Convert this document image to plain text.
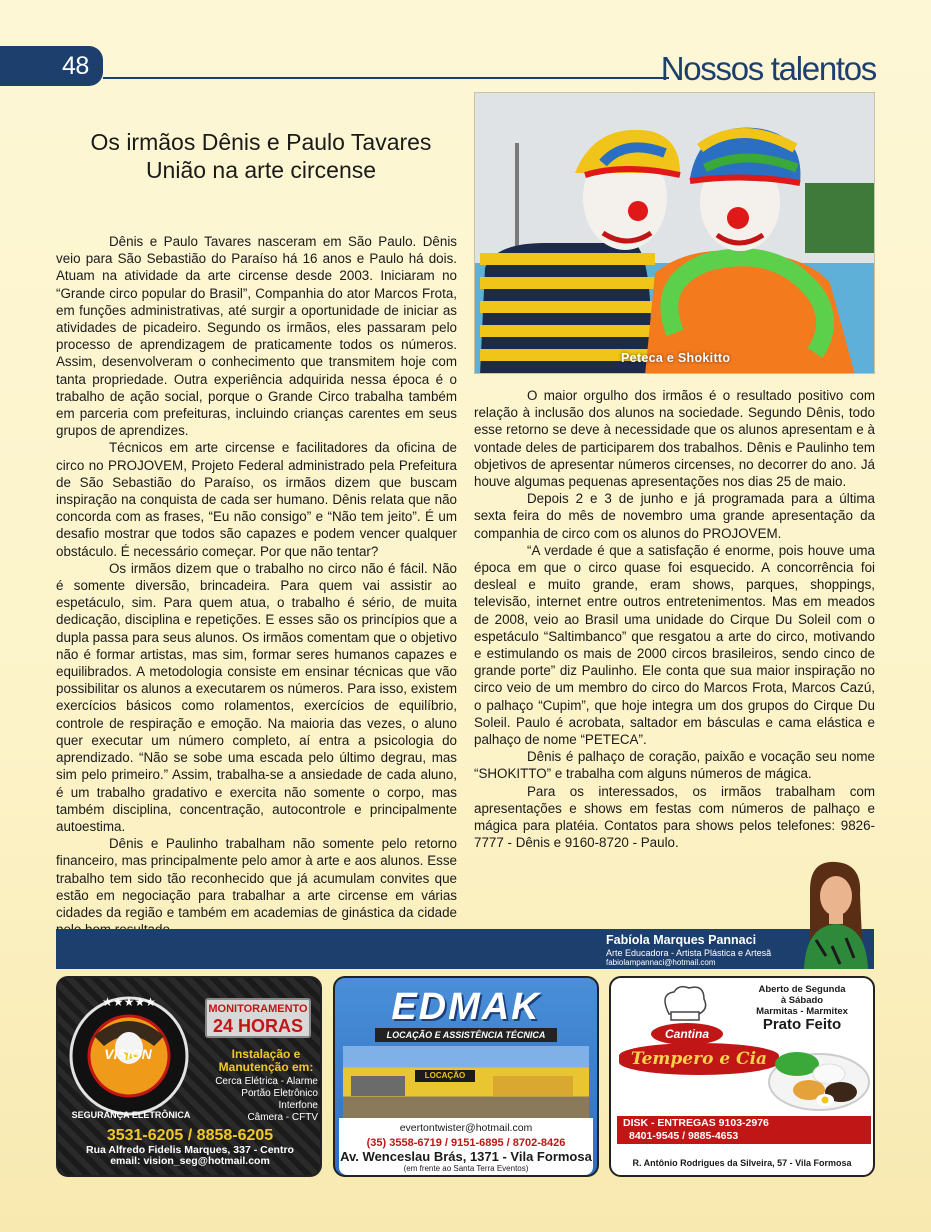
48	Nossos talentos
Os irmãos Dênis e Paulo Tavares
União na arte circense

Dênis e Paulo Tavares nasceram em São Paulo. Dênis veio para São Sebastião do Paraíso há 16 anos e Paulo há dois. Atuam na atividade da arte circense desde 2003. Iniciaram no “Grande circo popular do Brasil”, Companhia do ator Marcos Frota, em funções administrativas, até surgir a oportunidade de iniciar as atividades de picadeiro. Segundo os irmãos, eles passaram pelo processo de aprendizagem de praticamente todos os números. Assim, desenvolveram o conhecimento que transmitem hoje com tanta propriedade. Outra experiência adquirida nessa época é o trabalho de ação social, porque o Grande Circo trabalha também em parceria com prefeituras, incluindo crianças carentes em seus grupos de aprendizes.

Técnicos em arte circense e facilitadores da oficina de circo no PROJOVEM, Projeto Federal administrado pela Prefeitura de São Sebastião do Paraíso, os irmãos dizem que buscam inspiração na conquista de cada ser humano. Dênis relata que não concorda com as frases, “Eu não consigo” e “Não tem jeito”. É um desafio mostrar que todos são capazes e podem vencer qualquer obstáculo. É necessário começar. Por que não tentar?

Os irmãos dizem que o trabalho no circo não é fácil. Não é somente diversão, brincadeira. Para quem vai assistir ao espetáculo, sim. Para quem atua, o trabalho é sério, de muita dedicação, disciplina e repetições. E esses são os princípios que a dupla passa para seus alunos. Os irmãos comentam que o objetivo não é formar artistas, mas sim, formar seres humanos capazes e equilibrados. A metodologia consiste em ensinar técnicas que vão possibilitar os alunos a executarem os números. Para isso, existem exercícios básicos como rolamentos, exercícios de equilíbrio, controle de respiração e emoção. Na maioria das vezes, o aluno quer executar um número completo, aí entra a psicologia do aprendizado. “Não se sobe uma escada pelo último degrau, mas sim pelo primeiro.” Assim, trabalha-se a ansiedade de cada aluno, é um trabalho gradativo e exercita não somente o corpo, mas também disciplina, concentração, autocontrole e principalmente autoestima.

Dênis e Paulinho trabalham não somente pelo retorno financeiro, mas principalmente pelo amor à arte e aos alunos. Esse trabalho tem sido tão reconhecido que já acumulam convites que estão em negociação para trabalhar a arte circense em várias cidades da região e também em academias de ginástica da cidade

Peteca e Shokitto

O maior orgulho dos irmãos é o resultado positivo com relação à inclusão dos alunos na sociedade. Segundo Dênis, todo esse retorno se deve à necessidade que os alunos apresentam e à vontade deles de participarem dos trabalhos. Dênis e Paulinho tem objetivos de apresentar números circenses, no decorrer do ano. Já houve algumas pequenas apresentações nos dias 25 de maio.

Depois 2 e 3 de junho e já programada para a última sexta feira do mês de novembro uma grande apresentação da companhia de circo com os alunos do PROJOVEM.

“A verdade é que a satisfação é enorme, pois houve uma época em que o circo quase foi esquecido. A concorrência foi desleal e muito grande, eram shows, parques, shoppings, televisão, internet entre outros entretenimentos. Mas em meados de 2008, veio ao Brasil uma unidade do Cirque Du Soleil com o espetáculo “Saltimbanco” que resgatou a arte do circo, motivando e estimulando os mais de 2000 circos brasileiros, sendo cinco de grande porte” diz Paulinho. Ele conta que sua maior inspiração no circo veio de um membro do circo do Marcos Frota, Marcos Cazú, o palhaço “Cupim”, que hoje integra um dos grupos do Cirque Du Soleil. Paulo é acrobata, saltador em básculas e cama elástica e palhaço de nome “PETECA”.

Dênis é palhaço de coração, paixão e vocação seu nome “SHOKITTO” e trabalha com alguns números de mágica.

Para os interessados, os irmãos trabalham com apresentações e shows em festas com números de palhaço e mágica para platéia. Contatos para shows pelos telefones: 9826-7777 - Dênis e 9160-8720 - Paulo.

Fabíola Marques Pannaci
Arte Educadora - Artista Plástica e Artesã
fabiolampannaci@hotmail.com
★★★★★
VISION
SEGURANÇA ELETRÔNICA
MONITORAMENTO
24 HORAS
Instalação e
Manutenção em:
Cerca Elétrica - Alarme
Portão Eletrônico
Interfone
Câmera - CFTV
3531-6205 / 8858-6205
Rua Alfredo Fidelis Marques, 337 - Centro
email: vision_seg@hotmail.com
EDMAK
LOCAÇÃO E ASSISTÊNCIA TÉCNICA
LOCAÇÃO
evertontwister@hotmail.com
(35) 3558-6719 / 9151-6895 / 8702-8426
Av. Wenceslau Brás, 1371 - Vila Formosa
(em frente ao Santa Terra Eventos)
Aberto de Segunda
à Sábado
Marmitas - Marmitex
Prato Feito
Cantina
Tempero e Cia
DISK - ENTREGAS 9103-2976
8401-9545 / 9885-4653
R. Antônio Rodrigues da Silveira, 57 - Vila Formosa
